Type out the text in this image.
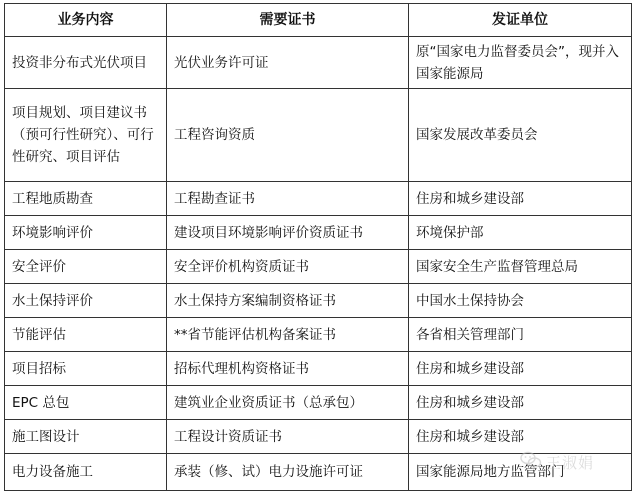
业务内容	需要证书	发证单位
投资非分布式光伏项目	光伏业务许可证	原“国家电力监督委员会”，现并入国家能源局
项目规划、项目建议书（预可行性研究）、可行性研究、项目评估	工程咨询资质	国家发展改革委员会
工程地质勘查	工程勘查证书	住房和城乡建设部
环境影响评价	建设项目环境影响评价资质证书	环境保护部
安全评价	安全评价机构资质证书	国家安全生产监督管理总局
水土保持评价	水土保持方案编制资格证书	中国水土保持协会
节能评估	**省节能评估机构备案证书	各省相关管理部门
项目招标	招标代理机构资格证书	住房和城乡建设部
EPC 总包	建筑业企业资质证书（总承包）	住房和城乡建设部
施工图设计	工程设计资质证书	住房和城乡建设部
电力设备施工	承装（修、试）电力设施许可证	国家能源局地方监管部门
王淑娟
